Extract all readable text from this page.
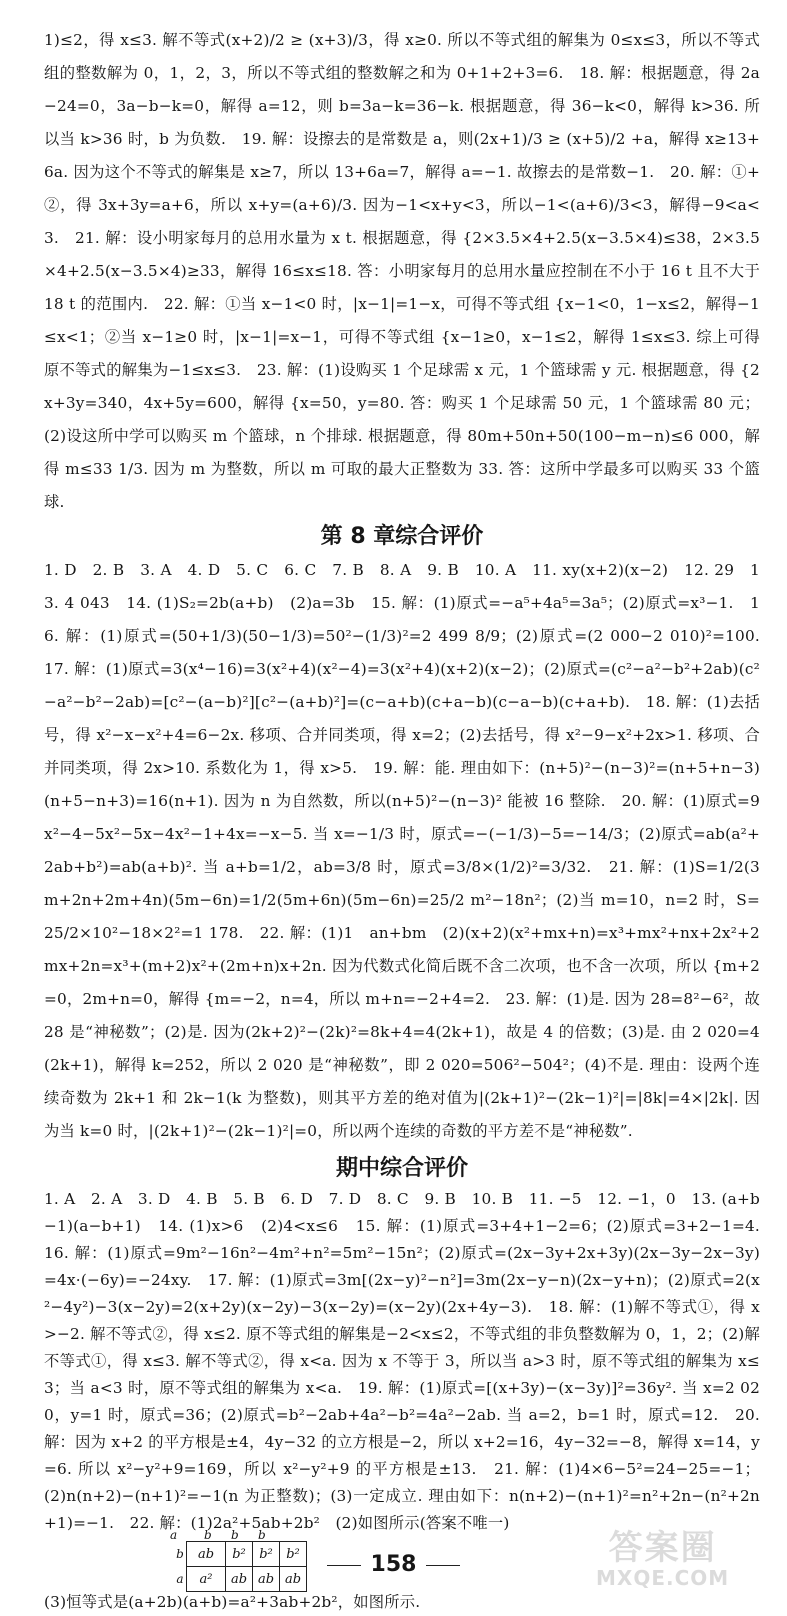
1)≤2，得 x≤3. 解不等式(x+2)/2 ≥ (x+3)/3，得 x≥0. 所以不等式组的解集为 0≤x≤3，所以不等式组的整数解为 0，1，2，3，所以不等式组的整数解之和为 0+1+2+3=6.　18. 解：根据题意，得 2a−24=0，3a−b−k=0，解得 a=12，则 b=3a−k=36−k. 根据题意，得 36−k<0，解得 k>36. 所以当 k>36 时，b 为负数.　19. 解：设擦去的是常数是 a，则(2x+1)/3 ≥ (x+5)/2 +a，解得 x≥13+6a. 因为这个不等式的解集是 x≥7，所以 13+6a=7，解得 a=−1. 故擦去的是常数−1.　20. 解：①+②，得 3x+3y=a+6，所以 x+y=(a+6)/3. 因为−1<x+y<3，所以−1<(a+6)/3<3，解得−9<a<3.　21. 解：设小明家每月的总用水量为 x t. 根据题意，得 {2×3.5×4+2.5(x−3.5×4)≤38，2×3.5×4+2.5(x−3.5×4)≥33，解得 16≤x≤18. 答：小明家每月的总用水量应控制在不小于 16 t 且不大于 18 t 的范围内.　22. 解：①当 x−1<0 时，|x−1|=1−x，可得不等式组 {x−1<0，1−x≤2，解得−1≤x<1；②当 x−1≥0 时，|x−1|=x−1，可得不等式组 {x−1≥0，x−1≤2，解得 1≤x≤3. 综上可得原不等式的解集为−1≤x≤3.　23. 解：(1)设购买 1 个足球需 x 元，1 个篮球需 y 元. 根据题意，得 {2x+3y=340，4x+5y=600，解得 {x=50，y=80. 答：购买 1 个足球需 50 元，1 个篮球需 80 元；(2)设这所中学可以购买 m 个篮球，n 个排球. 根据题意，得 80m+50n+50(100−m−n)≤6 000，解得 m≤33 1/3. 因为 m 为整数，所以 m 可取的最大正整数为 33. 答：这所中学最多可以购买 33 个篮球.

第 8 章综合评价

1. D　2. B　3. A　4. D　5. C　6. C　7. B　8. A　9. B　10. A　11. xy(x+2)(x−2)　12. 29　13. 4 043　14. (1)S₂=2b(a+b)　(2)a=3b　15. 解：(1)原式=−a⁵+4a⁵=3a⁵；(2)原式=x³−1.　16. 解：(1)原式=(50+1/3)(50−1/3)=50²−(1/3)²=2 499 8/9；(2)原式=(2 000−2 010)²=100.　17. 解：(1)原式=3(x⁴−16)=3(x²+4)(x²−4)=3(x²+4)(x+2)(x−2)；(2)原式=(c²−a²−b²+2ab)(c²−a²−b²−2ab)=[c²−(a−b)²][c²−(a+b)²]=(c−a+b)(c+a−b)(c−a−b)(c+a+b).　18. 解：(1)去括号，得 x²−x−x²+4=6−2x. 移项、合并同类项，得 x=2；(2)去括号，得 x²−9−x²+2x>1. 移项、合并同类项，得 2x>10. 系数化为 1，得 x>5.　19. 解：能. 理由如下：(n+5)²−(n−3)²=(n+5+n−3)(n+5−n+3)=16(n+1). 因为 n 为自然数，所以(n+5)²−(n−3)² 能被 16 整除.　20. 解：(1)原式=9x²−4−5x²−5x−4x²−1+4x=−x−5. 当 x=−1/3 时，原式=−(−1/3)−5=−14/3；(2)原式=ab(a²+2ab+b²)=ab(a+b)². 当 a+b=1/2，ab=3/8 时，原式=3/8×(1/2)²=3/32.　21. 解：(1)S=1/2(3m+2n+2m+4n)(5m−6n)=1/2(5m+6n)(5m−6n)=25/2 m²−18n²；(2)当 m=10，n=2 时，S=25/2×10²−18×2²=1 178.　22. 解：(1)1　an+bm　(2)(x+2)(x²+mx+n)=x³+mx²+nx+2x²+2mx+2n=x³+(m+2)x²+(2m+n)x+2n. 因为代数式化简后既不含二次项，也不含一次项，所以 {m+2=0，2m+n=0，解得 {m=−2，n=4，所以 m+n=−2+4=2.　23. 解：(1)是. 因为 28=8²−6²，故 28 是“神秘数”；(2)是. 因为(2k+2)²−(2k)²=8k+4=4(2k+1)，故是 4 的倍数；(3)是. 由 2 020=4(2k+1)，解得 k=252，所以 2 020 是“神秘数”，即 2 020=506²−504²；(4)不是. 理由：设两个连续奇数为 2k+1 和 2k−1(k 为整数)，则其平方差的绝对值为|(2k+1)²−(2k−1)²|=|8k|=4×|2k|. 因为当 k=0 时，|(2k+1)²−(2k−1)²|=0，所以两个连续的奇数的平方差不是“神秘数”.

期中综合评价

1. A　2. A　3. D　4. B　5. B　6. D　7. D　8. C　9. B　10. B　11. −5　12. −1，0　13. (a+b−1)(a−b+1)　14. (1)x>6　(2)4<x≤6　15. 解：(1)原式=3+4+1−2=6；(2)原式=3+2−1=4.　16. 解：(1)原式=9m²−16n²−4m²+n²=5m²−15n²；(2)原式=(2x−3y+2x+3y)(2x−3y−2x−3y)=4x·(−6y)=−24xy.　17. 解：(1)原式=3m[(2x−y)²−n²]=3m(2x−y−n)(2x−y+n)；(2)原式=2(x²−4y²)−3(x−2y)=2(x+2y)(x−2y)−3(x−2y)=(x−2y)(2x+4y−3).　18. 解：(1)解不等式①，得 x>−2. 解不等式②，得 x≤2. 原不等式组的解集是−2<x≤2，不等式组的非负整数解为 0，1，2；(2)解不等式①，得 x≤3. 解不等式②，得 x<a. 因为 x 不等于 3，所以当 a>3 时，原不等式组的解集为 x≤3；当 a<3 时，原不等式组的解集为 x<a.　19. 解：(1)原式=[(x+3y)−(x−3y)]²=36y². 当 x=2 020，y=1 时，原式=36；(2)原式=b²−2ab+4a²−b²=4a²−2ab. 当 a=2，b=1 时，原式=12.　20. 解：因为 x+2 的平方根是±4，4y−32 的立方根是−2，所以 x+2=16，4y−32=−8，解得 x=14，y=6. 所以 x²−y²+9=169，所以 x²−y²+9 的平方根是±13.　21. 解：(1)4×6−5²=24−25=−1；(2)n(n+2)−(n+1)²=−1(n 为正整数)；(3)一定成立. 理由如下：n(n+2)−(n+1)²=n²+2n−(n²+2n+1)=−1.　22. 解：(1)2a²+5ab+2b²　(2)如图所示(答案不唯一)

b	ab	b²	b²	b²
a	a²	ab	ab	ab

(3)恒等式是(a+2b)(a+b)=a²+3ab+2b²，如图所示.

a b b b
158	答案圈
MXQE.COM
